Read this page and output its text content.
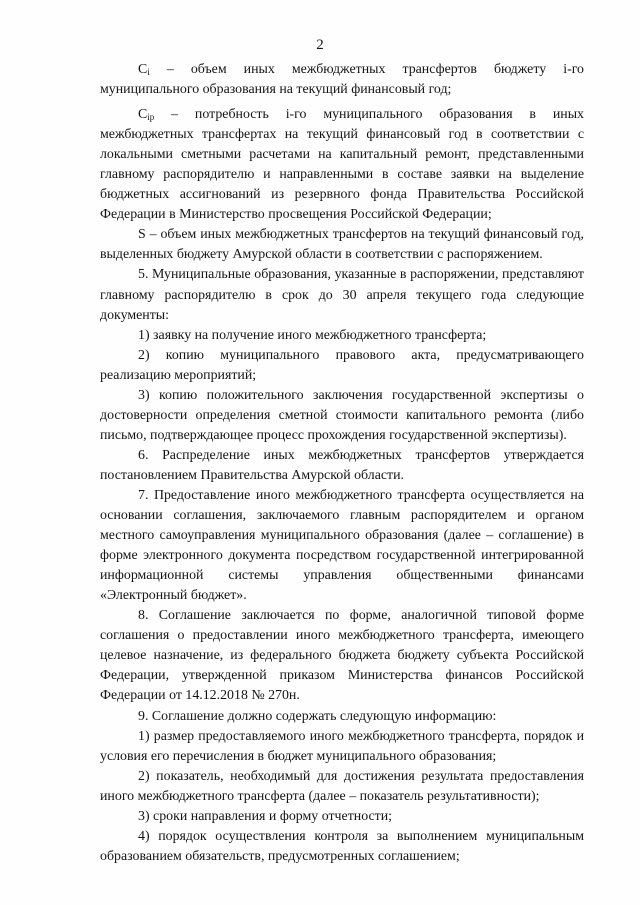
2

$C_i$ – объем иных межбюджетных трансфертов бюджету i-го муниципального образования на текущий финансовый год;

$C_{ip}$ – потребность i-го муниципального образования в иных межбюджетных трансфертах на текущий финансовый год в соответствии с локальными сметными расчетами на капитальный ремонт, представленными главному распорядителю и направленными в составе заявки на выделение бюджетных ассигнований из резервного фонда Правительства Российской Федерации в Министерство просвещения Российской Федерации;

S – объем иных межбюджетных трансфертов на текущий финансовый год, выделенных бюджету Амурской области в соответствии с распоряжением.

5. Муниципальные образования, указанные в распоряжении, представляют главному распорядителю в срок до 30 апреля текущего года следующие документы:

1) заявку на получение иного межбюджетного трансферта;

2) копию муниципального правового акта, предусматривающего реализацию мероприятий;

3) копию положительного заключения государственной экспертизы о достоверности определения сметной стоимости капитального ремонта (либо письмо, подтверждающее процесс прохождения государственной экспертизы).

6. Распределение иных межбюджетных трансфертов утверждается постановлением Правительства Амурской области.

7. Предоставление иного межбюджетного трансферта осуществляется на основании соглашения, заключаемого главным распорядителем и органом местного самоуправления муниципального образования (далее – соглашение) в форме электронного документа посредством государственной интегрированной информационной системы управления общественными финансами «Электронный бюджет».

8. Соглашение заключается по форме, аналогичной типовой форме соглашения о предоставлении иного межбюджетного трансферта, имеющего целевое назначение, из федерального бюджета бюджету субъекта Российской Федерации, утвержденной приказом Министерства финансов Российской Федерации от 14.12.2018 № 270н.

9. Соглашение должно содержать следующую информацию:

1) размер предоставляемого иного межбюджетного трансферта, порядок и условия его перечисления в бюджет муниципального образования;

2) показатель, необходимый для достижения результата предоставления иного межбюджетного трансферта (далее – показатель результативности);

3) сроки направления и форму отчетности;

4) порядок осуществления контроля за выполнением муниципальным образованием обязательств, предусмотренных соглашением;
